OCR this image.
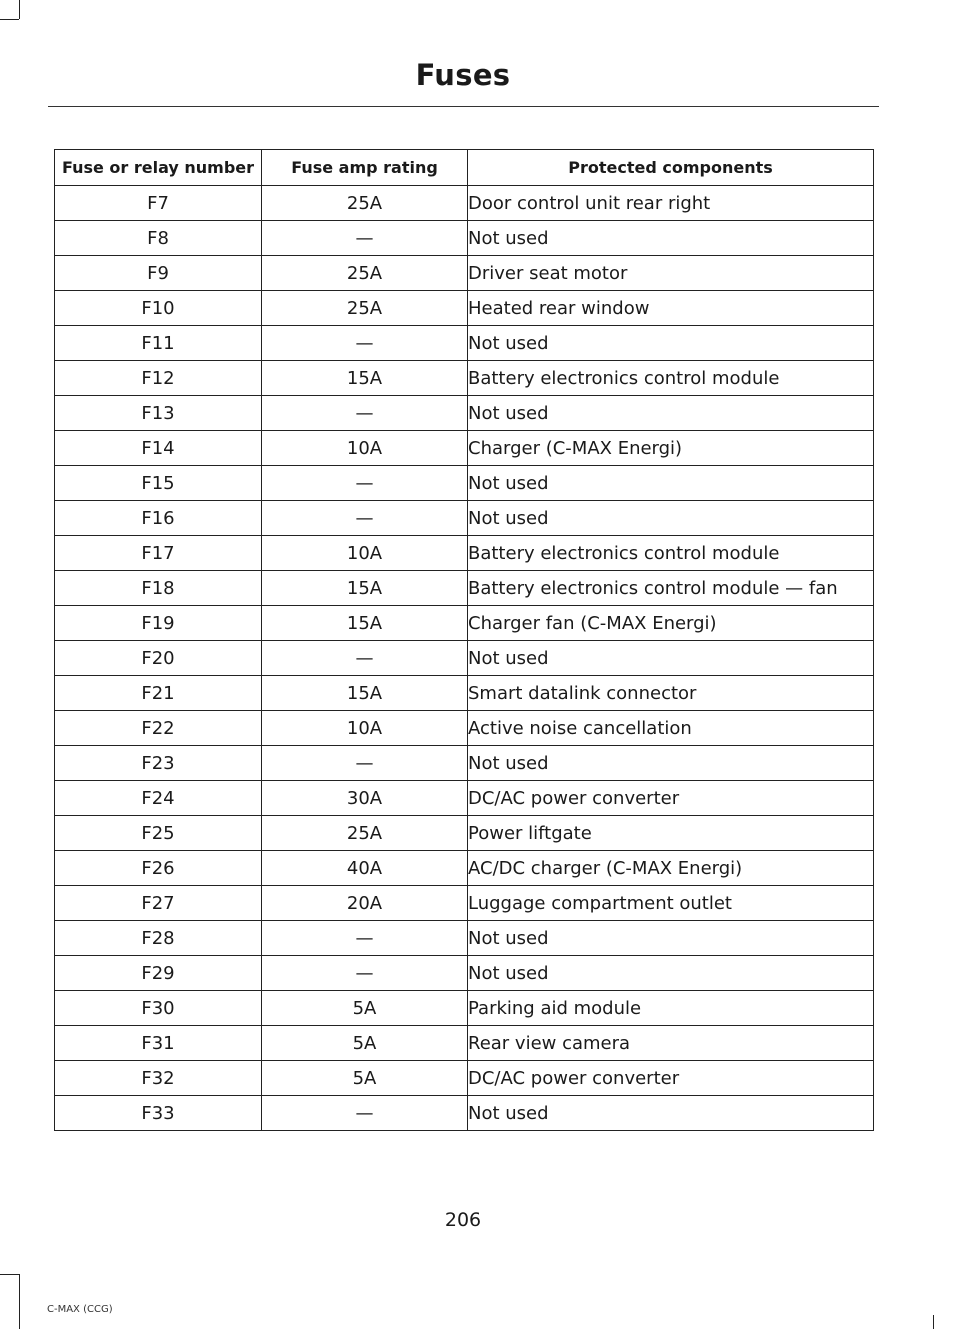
Fuses
Fuse or relay number	Fuse amp rating	Protected components
F7	25A	Door control unit rear right
F8	—	Not used
F9	25A	Driver seat motor
F10	25A	Heated rear window
F11	—	Not used
F12	15A	Battery electronics control module
F13	—	Not used
F14	10A	Charger (C-MAX Energi)
F15	—	Not used
F16	—	Not used
F17	10A	Battery electronics control module
F18	15A	Battery electronics control module — fan
F19	15A	Charger fan (C-MAX Energi)
F20	—	Not used
F21	15A	Smart datalink connector
F22	10A	Active noise cancellation
F23	—	Not used
F24	30A	DC/AC power converter
F25	25A	Power liftgate
F26	40A	AC/DC charger (C-MAX Energi)
F27	20A	Luggage compartment outlet
F28	—	Not used
F29	—	Not used
F30	5A	Parking aid module
F31	5A	Rear view camera
F32	5A	DC/AC power converter
F33	—	Not used
206
C-MAX (CCG)
